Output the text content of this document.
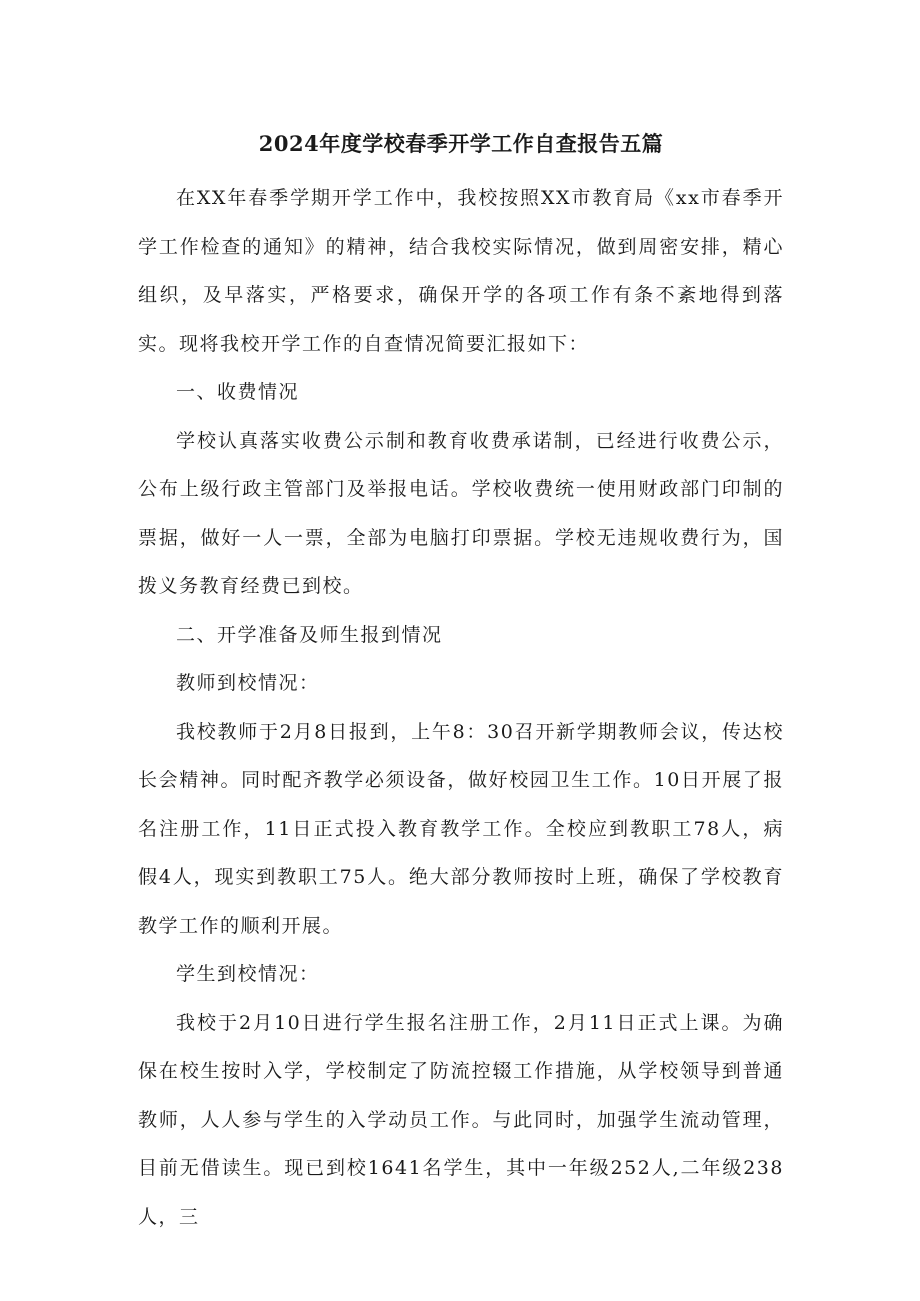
2024年度学校春季开学工作自查报告五篇

在XX年春季学期开学工作中，我校按照XX市教育局《xx市春季开学工作检查的通知》的精神，结合我校实际情况，做到周密安排，精心组织，及早落实，严格要求，确保开学的各项工作有条不紊地得到落实。现将我校开学工作的自查情况简要汇报如下：

一、收费情况

学校认真落实收费公示制和教育收费承诺制，已经进行收费公示，公布上级行政主管部门及举报电话。学校收费统一使用财政部门印制的票据，做好一人一票，全部为电脑打印票据。学校无违规收费行为，国拨义务教育经费已到校。

二、开学准备及师生报到情况

教师到校情况：

我校教师于2月8日报到，上午8：30召开新学期教师会议，传达校长会精神。同时配齐教学必须设备，做好校园卫生工作。10日开展了报名注册工作，11日正式投入教育教学工作。全校应到教职工78人，病假4人，现实到教职工75人。绝大部分教师按时上班，确保了学校教育教学工作的顺利开展。

学生到校情况：

我校于2月10日进行学生报名注册工作，2月11日正式上课。为确保在校生按时入学，学校制定了防流控辍工作措施，从学校领导到普通教师，人人参与学生的入学动员工作。与此同时，加强学生流动管理，目前无借读生。现已到校1641名学生，其中一年级252人,二年级238人，三
